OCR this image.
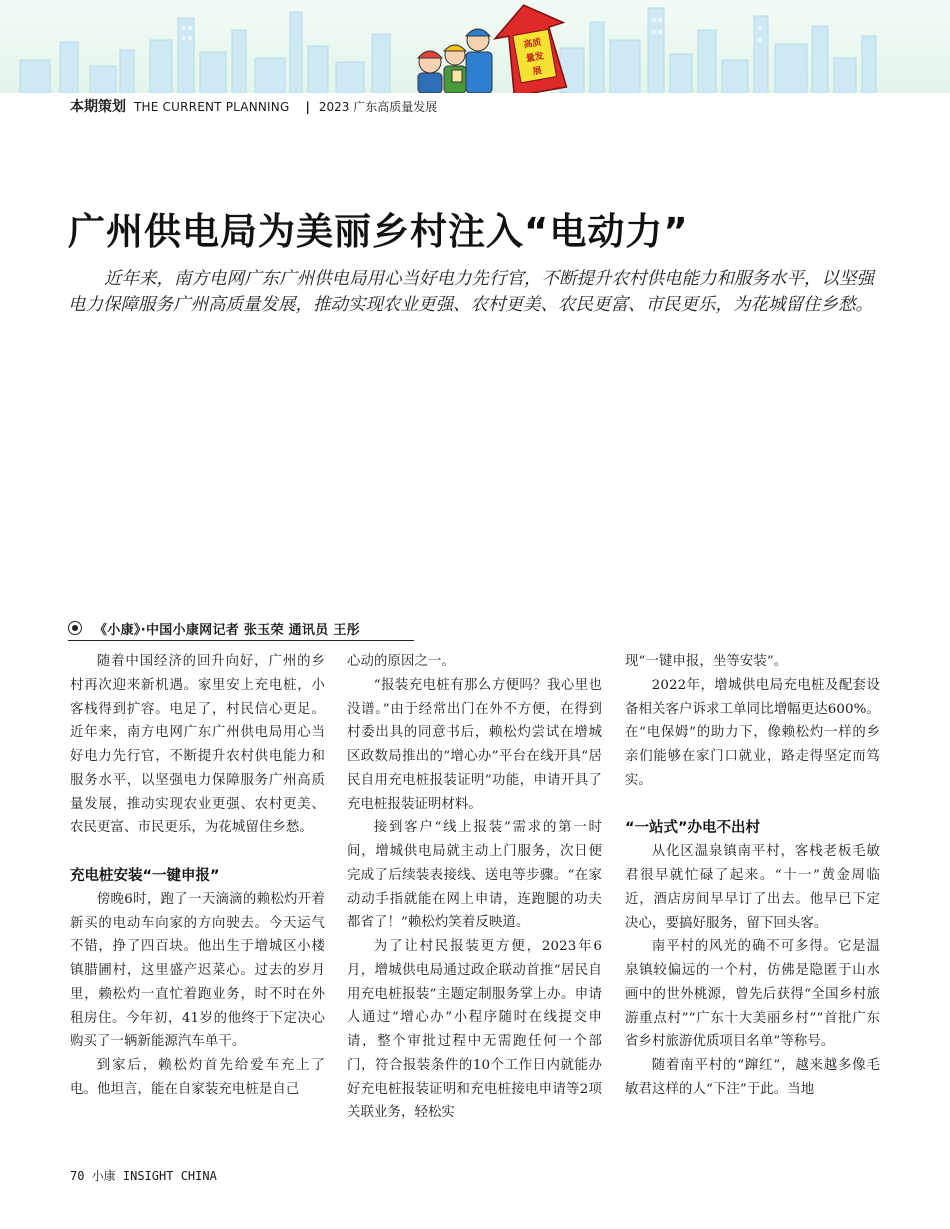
高质
量发
展
本期策划 THE CURRENT PLANNING | 2023 广东高质量发展
广州供电局为美丽乡村注入“电动力”

近年来，南方电网广东广州供电局用心当好电力先行官，不断提升农村供电能力和服务水平，以坚强电力保障服务广州高质量发展，推动实现农业更强、农村更美、农民更富、市民更乐，为花城留住乡愁。

《小康》·中国小康网记者 张玉荣 通讯员 王彤

随着中国经济的回升向好，广州的乡村再次迎来新机遇。家里安上充电桩，小客栈得到扩容。电足了，村民信心更足。近年来，南方电网广东广州供电局用心当好电力先行官，不断提升农村供电能力和服务水平，以坚强电力保障服务广州高质量发展，推动实现农业更强、农村更美、农民更富、市民更乐，为花城留住乡愁。

充电桩安装“一键申报”

傍晚6时，跑了一天滴滴的赖松灼开着新买的电动车向家的方向驶去。今天运气不错，挣了四百块。他出生于增城区小楼镇腊圃村，这里盛产迟菜心。过去的岁月里，赖松灼一直忙着跑业务，时不时在外租房住。今年初，41岁的他终于下定决心购买了一辆新能源汽车单干。

到家后，赖松灼首先给爱车充上了电。他坦言，能在自家装充电桩是自己

心动的原因之一。

“报装充电桩有那么方便吗？我心里也没谱。”由于经常出门在外不方便，在得到村委出具的同意书后，赖松灼尝试在增城区政数局推出的“增心办”平台在线开具“居民自用充电桩报装证明”功能，申请开具了充电桩报装证明材料。

接到客户“线上报装”需求的第一时间，增城供电局就主动上门服务，次日便完成了后续装表接线、送电等步骤。“在家动动手指就能在网上申请，连跑腿的功夫都省了！”赖松灼笑着反映道。

为了让村民报装更方便，2023年6月，增城供电局通过政企联动首推“居民自用充电桩报装”主题定制服务掌上办。申请人通过“增心办”小程序随时在线提交申请，整个审批过程中无需跑任何一个部门，符合报装条件的10个工作日内就能办好充电桩报装证明和充电桩接电申请等2项关联业务，轻松实

现“一键申报，坐等安装”。

2022年，增城供电局充电桩及配套设备相关客户诉求工单同比增幅更达600%。在“电保姆”的助力下，像赖松灼一样的乡亲们能够在家门口就业，路走得坚定而笃实。

“一站式”办电不出村

从化区温泉镇南平村，客栈老板毛敏君很早就忙碌了起来。“十一”黄金周临近，酒店房间早早订了出去。他早已下定决心，要搞好服务，留下回头客。

南平村的风光的确不可多得。它是温泉镇较偏远的一个村，仿佛是隐匿于山水画中的世外桃源，曾先后获得“全国乡村旅游重点村”“广东十大美丽乡村”“首批广东省乡村旅游优质项目名单”等称号。

随着南平村的“蹿红”，越来越多像毛敏君这样的人“下注”于此。当地

70 小康 INSIGHT CHINA
